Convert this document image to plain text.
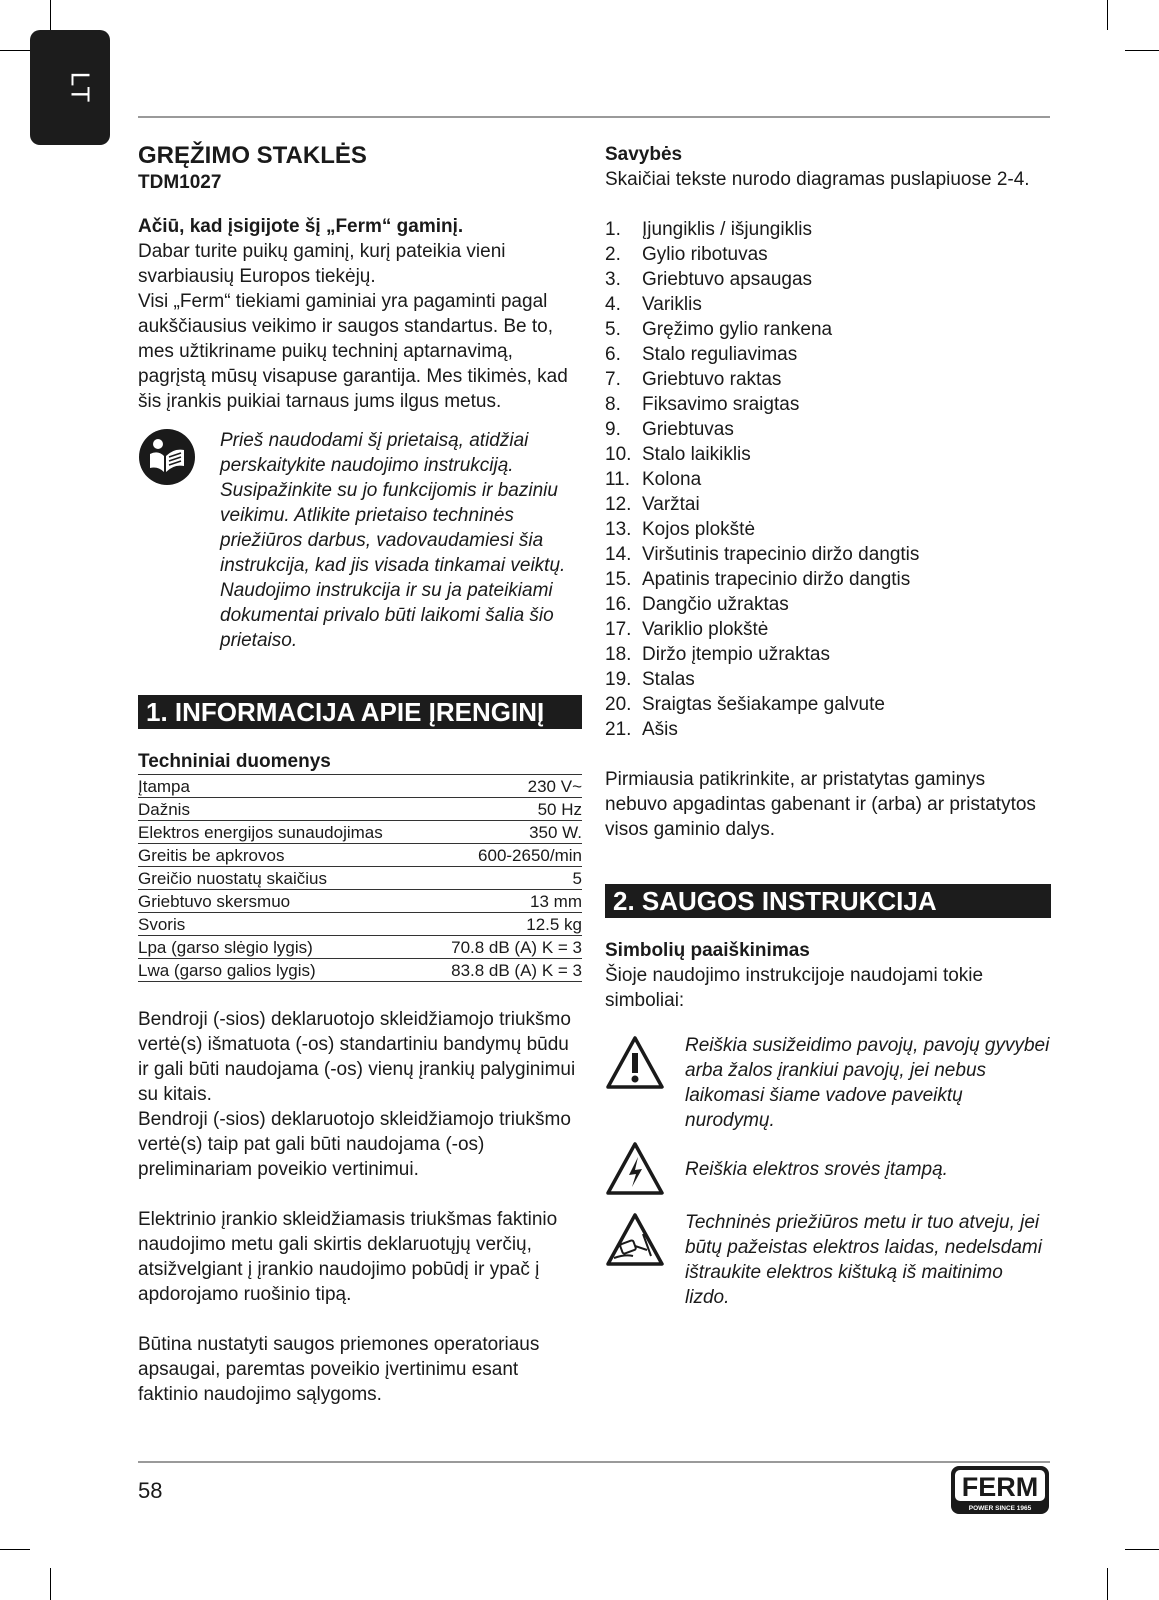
LT

GRĘŽIMO STAKLĖS

TDM1027

Ačiū, kad įsigijote šį „Ferm“ gaminį.

Dabar turite puikų gaminį, kurį pateikia vieni svarbiausių Europos tiekėjų.

Visi „Ferm“ tiekiami gaminiai yra pagaminti pagal aukščiausius veikimo ir saugos standartus. Be to, mes užtikriname puikų techninį aptarnavimą, pagrįstą mūsų visapuse garantija. Mes tikimės, kad šis įrankis puikiai tarnaus jums ilgus metus.

Prieš naudodami šį prietaisą, atidžiai perskaitykite naudojimo instrukciją. Susipažinkite su jo funkcijomis ir baziniu veikimu. Atlikite prietaiso techninės priežiūros darbus, vadovaudamiesi šia instrukcija, kad jis visada tinkamai veiktų. Naudojimo instrukcija ir su ja pateikiami dokumentai privalo būti laikomi šalia šio prietaiso.

1. INFORMACIJA APIE ĮRENGINĮ

Techniniai duomenys

Įtampa	230 V~
Dažnis	50 Hz
Elektros energijos sunaudojimas	350 W.
Greitis be apkrovos	600-2650/min
Greičio nuostatų skaičius	5
Griebtuvo skersmuo	13 mm
Svoris	12.5 kg
Lpa (garso slėgio lygis)	70.8 dB (A) K = 3
Lwa (garso galios lygis)	83.8 dB (A) K = 3

Bendroji (-sios) deklaruotojo skleidžiamojo triukšmo vertė(s) išmatuota (-os) standartiniu bandymų būdu ir gali būti naudojama (-os) vienų įrankių palyginimui su kitais.

Bendroji (-sios) deklaruotojo skleidžiamojo triukšmo vertė(s) taip pat gali būti naudojama (-os) preliminariam poveikio vertinimui.

Elektrinio įrankio skleidžiamasis triukšmas faktinio naudojimo metu gali skirtis deklaruotųjų verčių, atsižvelgiant į įrankio naudojimo pobūdį ir ypač į apdorojamo ruošinio tipą.

Būtina nustatyti saugos priemones operatoriaus apsaugai, paremtas poveikio įvertinimu esant faktinio naudojimo sąlygoms.

Savybės

Skaičiai tekste nurodo diagramas puslapiuose 2-4.

1.	Įjungiklis / išjungiklis
2.	Gylio ribotuvas
3.	Griebtuvo apsaugas
4.	Variklis
5.	Gręžimo gylio rankena
6.	Stalo reguliavimas
7.	Griebtuvo raktas
8.	Fiksavimo sraigtas
9.	Griebtuvas
10. Stalo laikiklis
11. Kolona
12. Varžtai
13. Kojos plokštė
14. Viršutinis trapecinio diržo dangtis
15. Apatinis trapecinio diržo dangtis
16. Dangčio užraktas
17. Variklio plokštė
18. Diržo įtempio užraktas
19. Stalas
20. Sraigtas šešiakampe galvute
21. Ašis

Pirmiausia patikrinkite, ar pristatytas gaminys nebuvo apgadintas gabenant ir (arba) ar pristatytos visos gaminio dalys.

2. SAUGOS INSTRUKCIJA

Simbolių paaiškinimas

Šioje naudojimo instrukcijoje naudojami tokie simboliai:

Reiškia susižeidimo pavojų, pavojų gyvybei arba žalos įrankiui pavojų, jei nebus laikomasi šiame vadove paveiktų nurodymų.

Reiškia elektros srovės įtampą.

Techninės priežiūros metu ir tuo atveju, jei būtų pažeistas elektros laidas, nedelsdami ištraukite elektros kištuką iš maitinimo lizdo.

58	FERM
POWER SINCE 1965
